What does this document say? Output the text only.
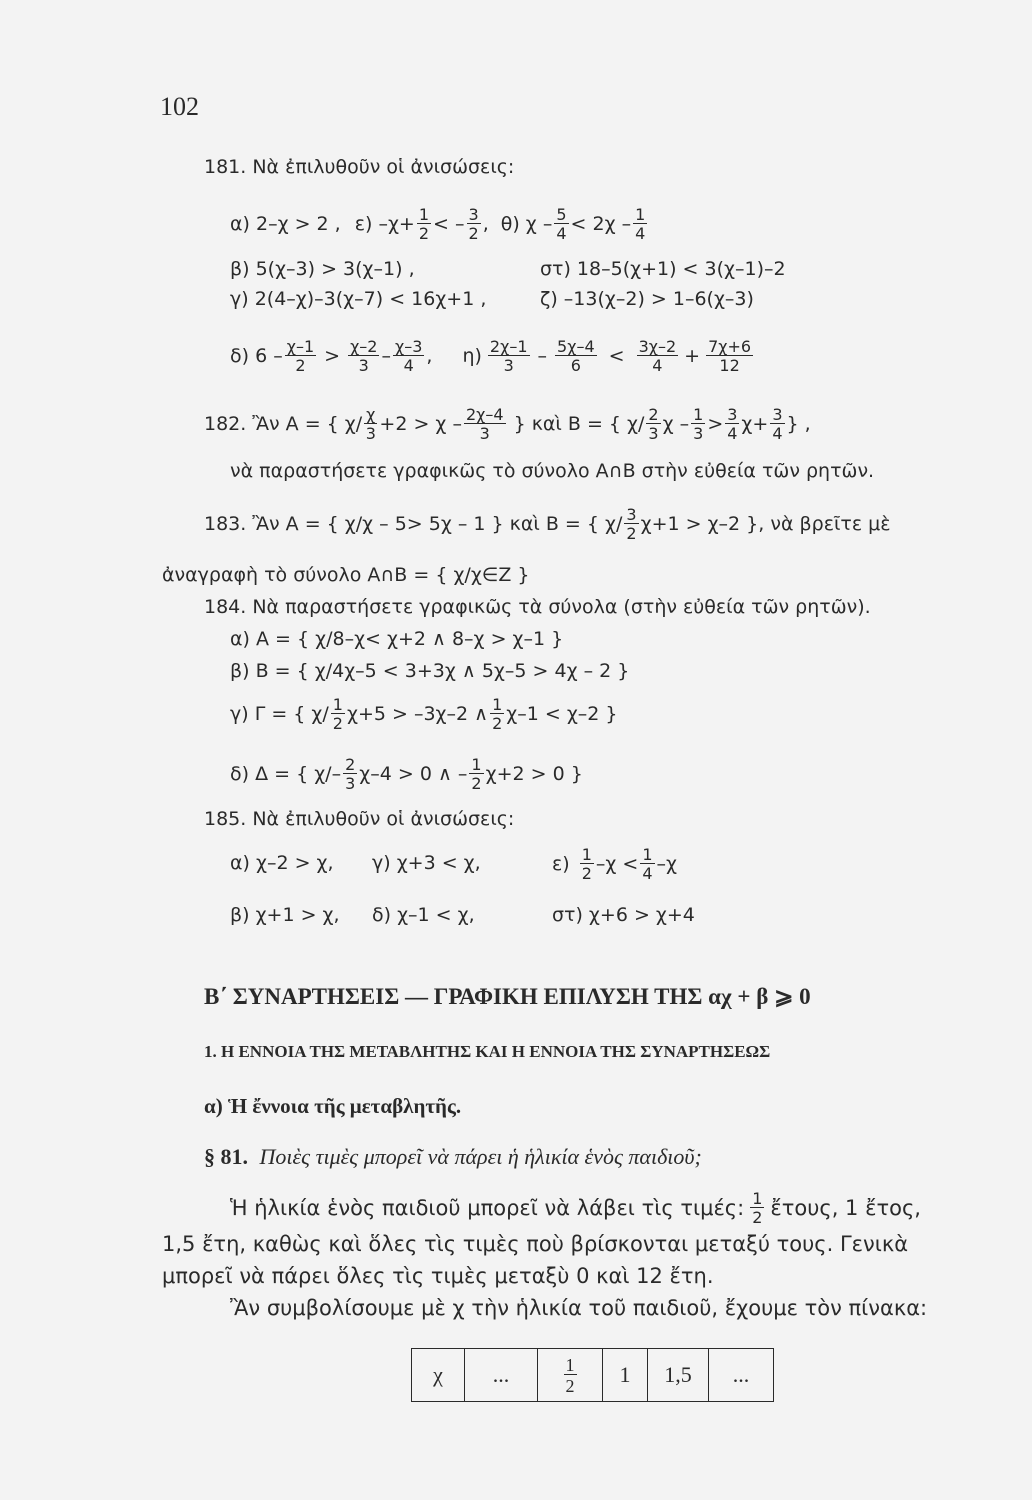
102
181. Νὰ ἐπιλυθοῦν οἱ ἀνισώσεις:
α) 2–χ > 2 , ε) $-\chi+ \frac{1}{2}$ < – $\frac{3}{2}$ , θ) $\chi - \frac{5}{4} < 2\chi - \frac{1}{4}$
β) 5(χ–3) > 3(χ–1) ,	στ) 18–5(χ+1) < 3(χ–1)–2
γ) 2(4–χ)–3(χ–7) < 16χ+1 ,	ζ) –13(χ–2) > 1–6(χ–3)
δ) $6 - \frac{\chi-1}{2} > \frac{\chi-2}{3} - \frac{\chi-3}{4}$ , $\eta) \frac{2\chi-1}{3} - \frac{5\chi-4}{6} < \frac{3\chi-2}{4} + \frac{7\chi+6}{12}$
182. Ἂν Α = { $\chi/ \frac{\chi}{3} +2 > \chi - \frac{2\chi-4}{3}$ } καὶ Β = { $\chi/ \frac{2}{3}$ $\chi - \frac{1}{3} > \frac{3}{4} \chi+ \frac{3}{4}$ } ,
νὰ παραστήσετε γραφικῶς τὸ σύνολο Α∩Β στὴν εὐθεία τῶν ρητῶν.
183. Ἂν Α = { χ/χ – 5> 5χ – 1 } καὶ Β = { $\chi/ \frac{3}{2} \chi+1 > \chi-2$ }, νὰ βρεῖτε μὲ
ἀναγραφὴ τὸ σύνολο Α∩Β = { χ/χ∈Ζ }
184. Νὰ παραστήσετε γραφικῶς τὰ σύνολα (στὴν εὐθεία τῶν ρητῶν).
α) Α = { χ/8–χ< χ+2 ∧ 8–χ > χ–1 }
β) Β = { χ/4χ–5 < 3+3χ ∧ 5χ–5 > 4χ – 2 }
γ) Γ = { $\chi/ \frac{1}{2} \chi+5 > -3\chi-2$ ∧ $\frac{1}{2} \chi-1 < \chi-2$ }
δ) Δ = { $\chi/- \frac{2}{3} \chi-4 > 0$ ∧ – $\frac{1}{2} \chi+2 > 0$ }
185. Νὰ ἐπιλυθοῦν οἱ ἀνισώσεις:
α) χ–2 > χ, γ) χ+3 < χ,	$\varepsilon) \frac{1}{2} -\chi < \frac{1}{4} -\chi$
β) χ+1 > χ, δ) χ–1 < χ,	στ) χ+6 > χ+4
Β΄ ΣΥΝΑΡΤΗΣΕΙΣ — ΓΡΑΦΙΚΗ ΕΠΙΛΥΣΗ ΤΗΣ αχ + β ⩾ 0
1. Η ΕΝΝΟΙΑ ΤΗΣ ΜΕΤΑΒΛΗΤΗΣ ΚΑΙ Η ΕΝΝΟΙΑ ΤΗΣ ΣΥΝΑΡΤΗΣΕΩΣ
α) Ἡ ἔννοια τῆς μεταβλητῆς.
§ 81. Ποιὲς τιμὲς μπορεῖ νὰ πάρει ἡ ἡλικία ἑνὸς παιδιοῦ;
Ἡ ἡλικία ἑνὸς παιδιοῦ μπορεῖ νὰ λάβει τὶς τιμές: $\frac{1}{2}$ ἔτους, 1 ἔτος,
1,5 ἔτη, καθὼς καὶ ὅλες τὶς τιμὲς ποὺ βρίσκονται μεταξύ τους. Γενικὰ
μπορεῖ νὰ πάρει ὅλες τὶς τιμὲς μεταξὺ 0 καὶ 12 ἔτη.
Ἂν συμβολίσουμε μὲ χ τὴν ἡλικία τοῦ παιδιοῦ, ἔχουμε τὸν πίνακα:
χ	...	$\frac{1}{2}$	1	1,5	...
